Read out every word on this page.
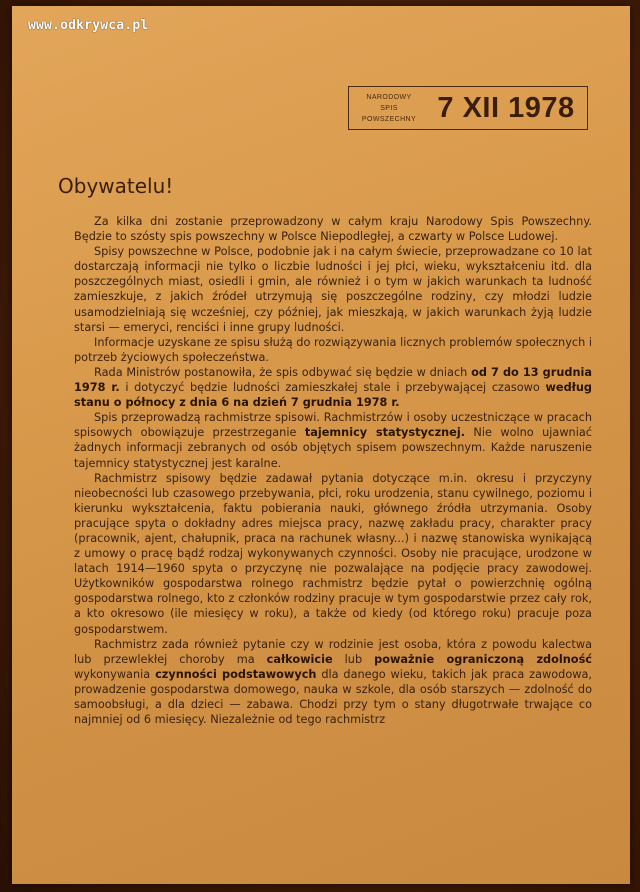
NARODOWY
SPIS
POWSZECHNY 7 XII 1978
Obywatelu!

Za kilka dni zostanie przeprowadzony w całym kraju Narodowy Spis Powszechny. Będzie to szósty spis powszechny w Polsce Niepodległej, a czwarty w Polsce Ludowej.

Spisy powszechne w Polsce, podobnie jak i na całym świecie, przeprowadzane co 10 lat dostarczają informacji nie tylko o liczbie ludności i jej płci, wieku, wykształceniu itd. dla poszczególnych miast, osiedli i gmin, ale również i o tym w jakich warunkach ta ludność zamieszkuje, z jakich źródeł utrzymują się poszczególne rodziny, czy młodzi ludzie usamodzielniają się wcześniej, czy później, jak mieszkają, w jakich warunkach żyją ludzie starsi — emeryci, renciści i inne grupy ludności.

Informacje uzyskane ze spisu służą do rozwiązywania licznych problemów społecznych i potrzeb życiowych społeczeństwa.

Rada Ministrów postanowiła, że spis odbywać się będzie w dniach od 7 do 13 grudnia 1978 r. i dotyczyć będzie ludności zamieszkałej stale i przebywającej czasowo według stanu o północy z dnia 6 na dzień 7 grudnia 1978 r.

Spis przeprowadzą rachmistrze spisowi. Rachmistrzów i osoby uczestniczące w pracach spisowych obowiązuje przestrzeganie tajemnicy statystycznej. Nie wolno ujawniać żadnych informacji zebranych od osób objętych spisem powszechnym. Każde naruszenie tajemnicy statystycznej jest karalne.

Rachmistrz spisowy będzie zadawał pytania dotyczące m.in. okresu i przyczyny nieobecności lub czasowego przebywania, płci, roku urodzenia, stanu cywilnego, poziomu i kierunku wykształcenia, faktu pobierania nauki, głównego źródła utrzymania. Osoby pracujące spyta o dokładny adres miejsca pracy, nazwę zakładu pracy, charakter pracy (pracownik, ajent, chałupnik, praca na rachunek własny...) i nazwę stanowiska wynikającą z umowy o pracę bądź rodzaj wykonywanych czynności. Osoby nie pracujące, urodzone w latach 1914—1960 spyta o przyczynę nie pozwalające na podjęcie pracy zawodowej. Użytkowników gospodarstwa rolnego rachmistrz będzie pytał o powierzchnię ogólną gospodarstwa rolnego, kto z członków rodziny pracuje w tym gospodarstwie przez cały rok, a kto okresowo (ile miesięcy w roku), a także od kiedy (od którego roku) pracuje poza gospodarstwem.

Rachmistrz zada również pytanie czy w rodzinie jest osoba, która z powodu kalectwa lub przewlekłej choroby ma całkowicie lub poważnie ograniczoną zdolność wykonywania czynności podstawowych dla danego wieku, takich jak praca zawodowa, prowadzenie gospodarstwa domowego, nauka w szkole, dla osób starszych — zdolność do samoobsługi, a dla dzieci — zabawa. Chodzi przy tym o stany długotrwałe trwające co najmniej od 6 miesięcy. Niezależnie od tego rachmistrz

www.odkrywca.pl
